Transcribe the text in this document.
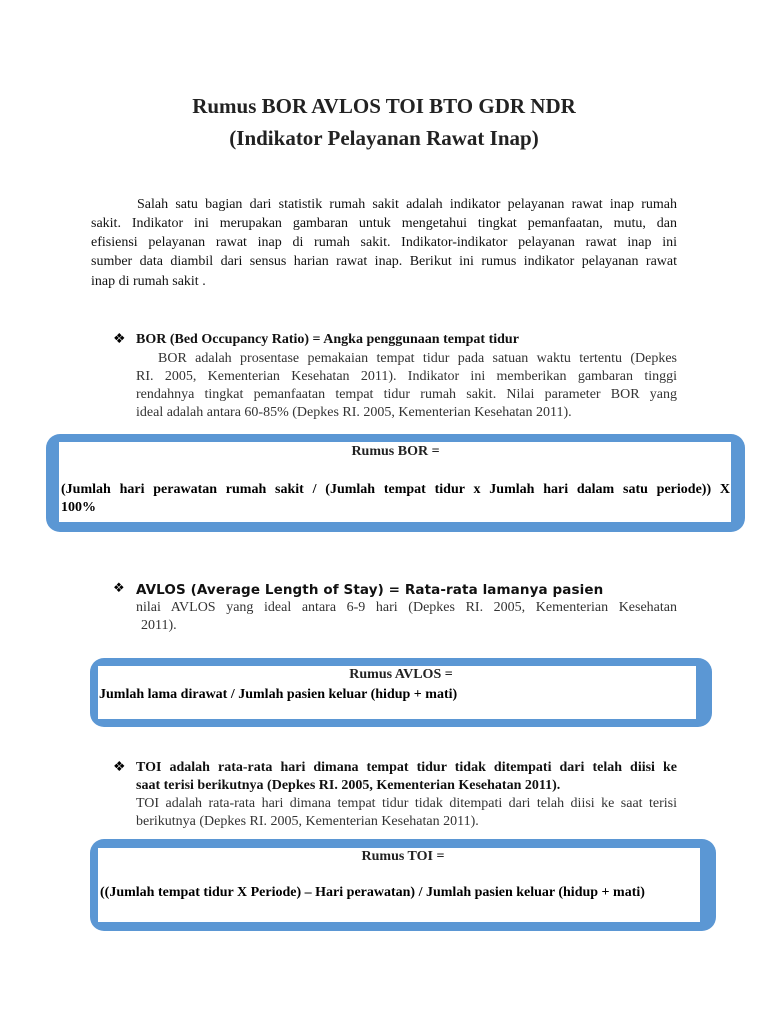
Rumus BOR AVLOS TOI BTO GDR NDR
(Indikator Pelayanan Rawat Inap)
Salah satu bagian dari statistik rumah sakit adalah indikator pelayanan rawat inap rumah
sakit. Indikator ini merupakan gambaran untuk mengetahui tingkat pemanfaatan, mutu, dan
efisiensi pelayanan rawat inap di rumah sakit. Indikator-indikator pelayanan rawat inap ini
sumber data diambil dari sensus harian rawat inap. Berikut ini rumus indikator pelayanan rawat
inap di rumah sakit .
❖ BOR (Bed Occupancy Ratio) = Angka penggunaan tempat tidur
BOR adalah prosentase pemakaian tempat tidur pada satuan waktu tertentu (Depkes
RI. 2005, Kementerian Kesehatan 2011). Indikator ini memberikan gambaran tinggi
rendahnya tingkat pemanfaatan tempat tidur rumah sakit. Nilai parameter BOR yang
ideal adalah antara 60-85% (Depkes RI. 2005, Kementerian Kesehatan 2011).
Rumus BOR =
(Jumlah hari perawatan rumah sakit / (Jumlah tempat tidur x Jumlah hari dalam satu periode)) X
100%
❖ AVLOS (Average Length of Stay) = Rata-rata lamanya pasien
nilai AVLOS yang ideal antara 6-9 hari (Depkes RI. 2005, Kementerian Kesehatan
2011).
Rumus AVLOS =
Jumlah lama dirawat / Jumlah pasien keluar (hidup + mati)
❖ TOI adalah rata-rata hari dimana tempat tidur tidak ditempati dari telah diisi ke
saat terisi berikutnya (Depkes RI. 2005, Kementerian Kesehatan 2011).
TOI adalah rata-rata hari dimana tempat tidur tidak ditempati dari telah diisi ke saat terisi
berikutnya (Depkes RI. 2005, Kementerian Kesehatan 2011).
Rumus TOI =
((Jumlah tempat tidur X Periode) – Hari perawatan) / Jumlah pasien keluar (hidup + mati)
